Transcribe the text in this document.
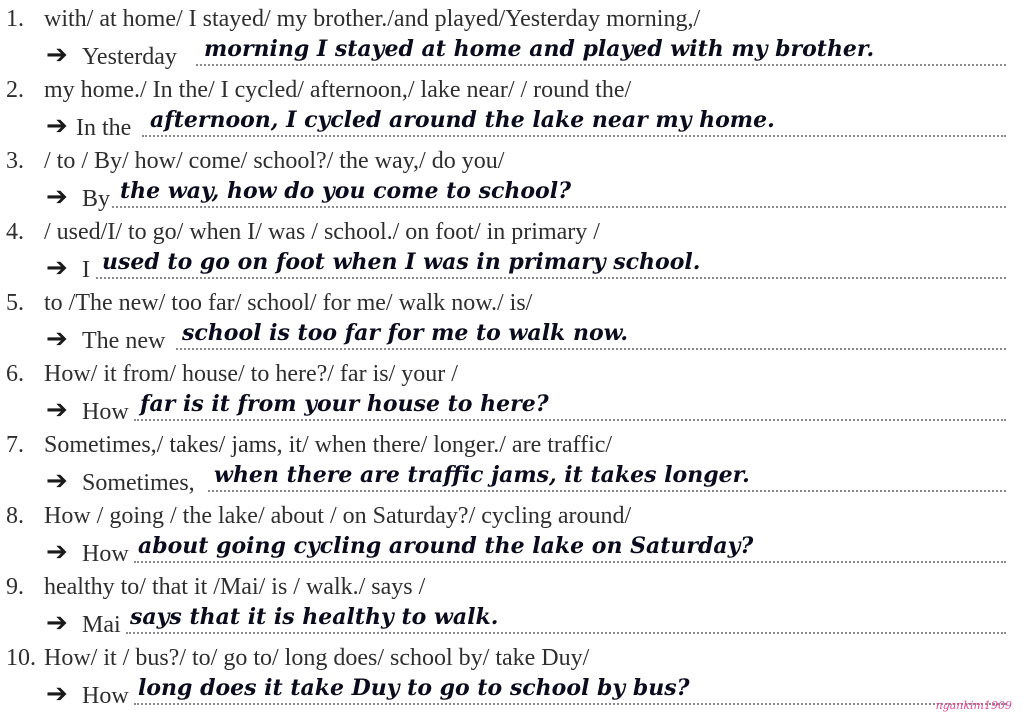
1. with/ at home/ I stayed/ my brother./and played/Yesterday morning,/
➔ Yesterday morning I stayed at home and played with my brother.
2. my home./ In the/ I cycled/ afternoon,/ lake near/ / round the/
➔ In the afternoon, I cycled around the lake near my home.
3. / to / By/ how/ come/ school?/ the way,/ do you/
➔ By the way, how do you come to school?
4. / used/I/ to go/ when I/ was / school./ on foot/ in primary /
➔ I used to go on foot when I was in primary school.
5. to /The new/ too far/ school/ for me/ walk now./ is/
➔ The new school is too far for me to walk now.
6. How/ it from/ house/ to here?/ far is/ your /
➔ How far is it from your house to here?
7. Sometimes,/ takes/ jams, it/ when there/ longer./ are traffic/
➔ Sometimes, when there are traffic jams, it takes longer.
8. How / going / the lake/ about / on Saturday?/ cycling around/
➔ How about going cycling around the lake on Saturday?
9. healthy to/ that it /Mai/ is / walk./ says /
➔ Mai says that it is healthy to walk.
10. How/ it / bus?/ to/ go to/ long does/ school by/ take Duy/
➔ How long does it take Duy to go to school by bus?
ngankim1909
